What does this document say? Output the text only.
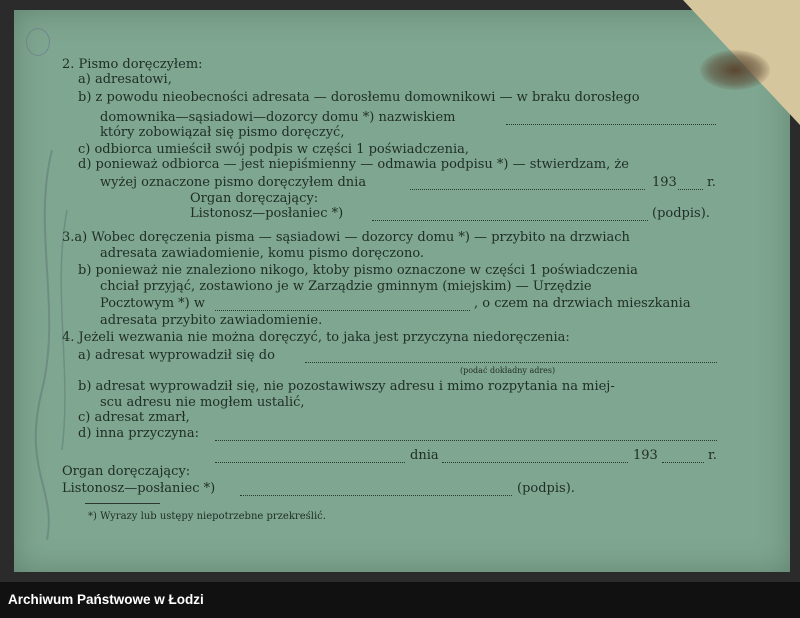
2. Pismo doręczyłem:
a) adresatowi,
b) z powodu nieobecności adresata — dorosłemu domownikowi — w braku dorosłego
domownika—sąsiadowi—dozorcy domu *) nazwiskiem
który zobowiązał się pismo doręczyć,
c) odbiorca umieścił swój podpis w części 1 poświadczenia,
d) ponieważ odbiorca — jest niepiśmienny — odmawia podpisu *) — stwierdzam, że
wyżej oznaczone pismo doręczyłem dnia	193 r.
Organ doręczający:
Listonosz—posłaniec *)	(podpis).
3.a) Wobec doręczenia pisma — sąsiadowi — dozorcy domu *) — przybito na drzwiach
adresata zawiadomienie, komu pismo doręczono.
b) ponieważ nie znaleziono nikogo, ktoby pismo oznaczone w części 1 poświadczenia
chciał przyjąć, zostawiono je w Zarządzie gminnym (miejskim) — Urzędzie
Pocztowym *) w	, o czem na drzwiach mieszkania
adresata przybito zawiadomienie.
4. Jeżeli wezwania nie można doręczyć, to jaka jest przyczyna niedoręczenia:
a) adresat wyprowadził się do
(podać dokładny adres)
b) adresat wyprowadził się, nie pozostawiwszy adresu i mimo rozpytania na miej-
scu adresu nie mogłem ustalić,
c) adresat zmarł,
d) inna przyczyna:
dnia	193	r.
Organ doręczający:
Listonosz—posłaniec *)	(podpis).
*) Wyrazy lub ustępy niepotrzebne przekreślić.
Archiwum Państwowe w Łodzi
